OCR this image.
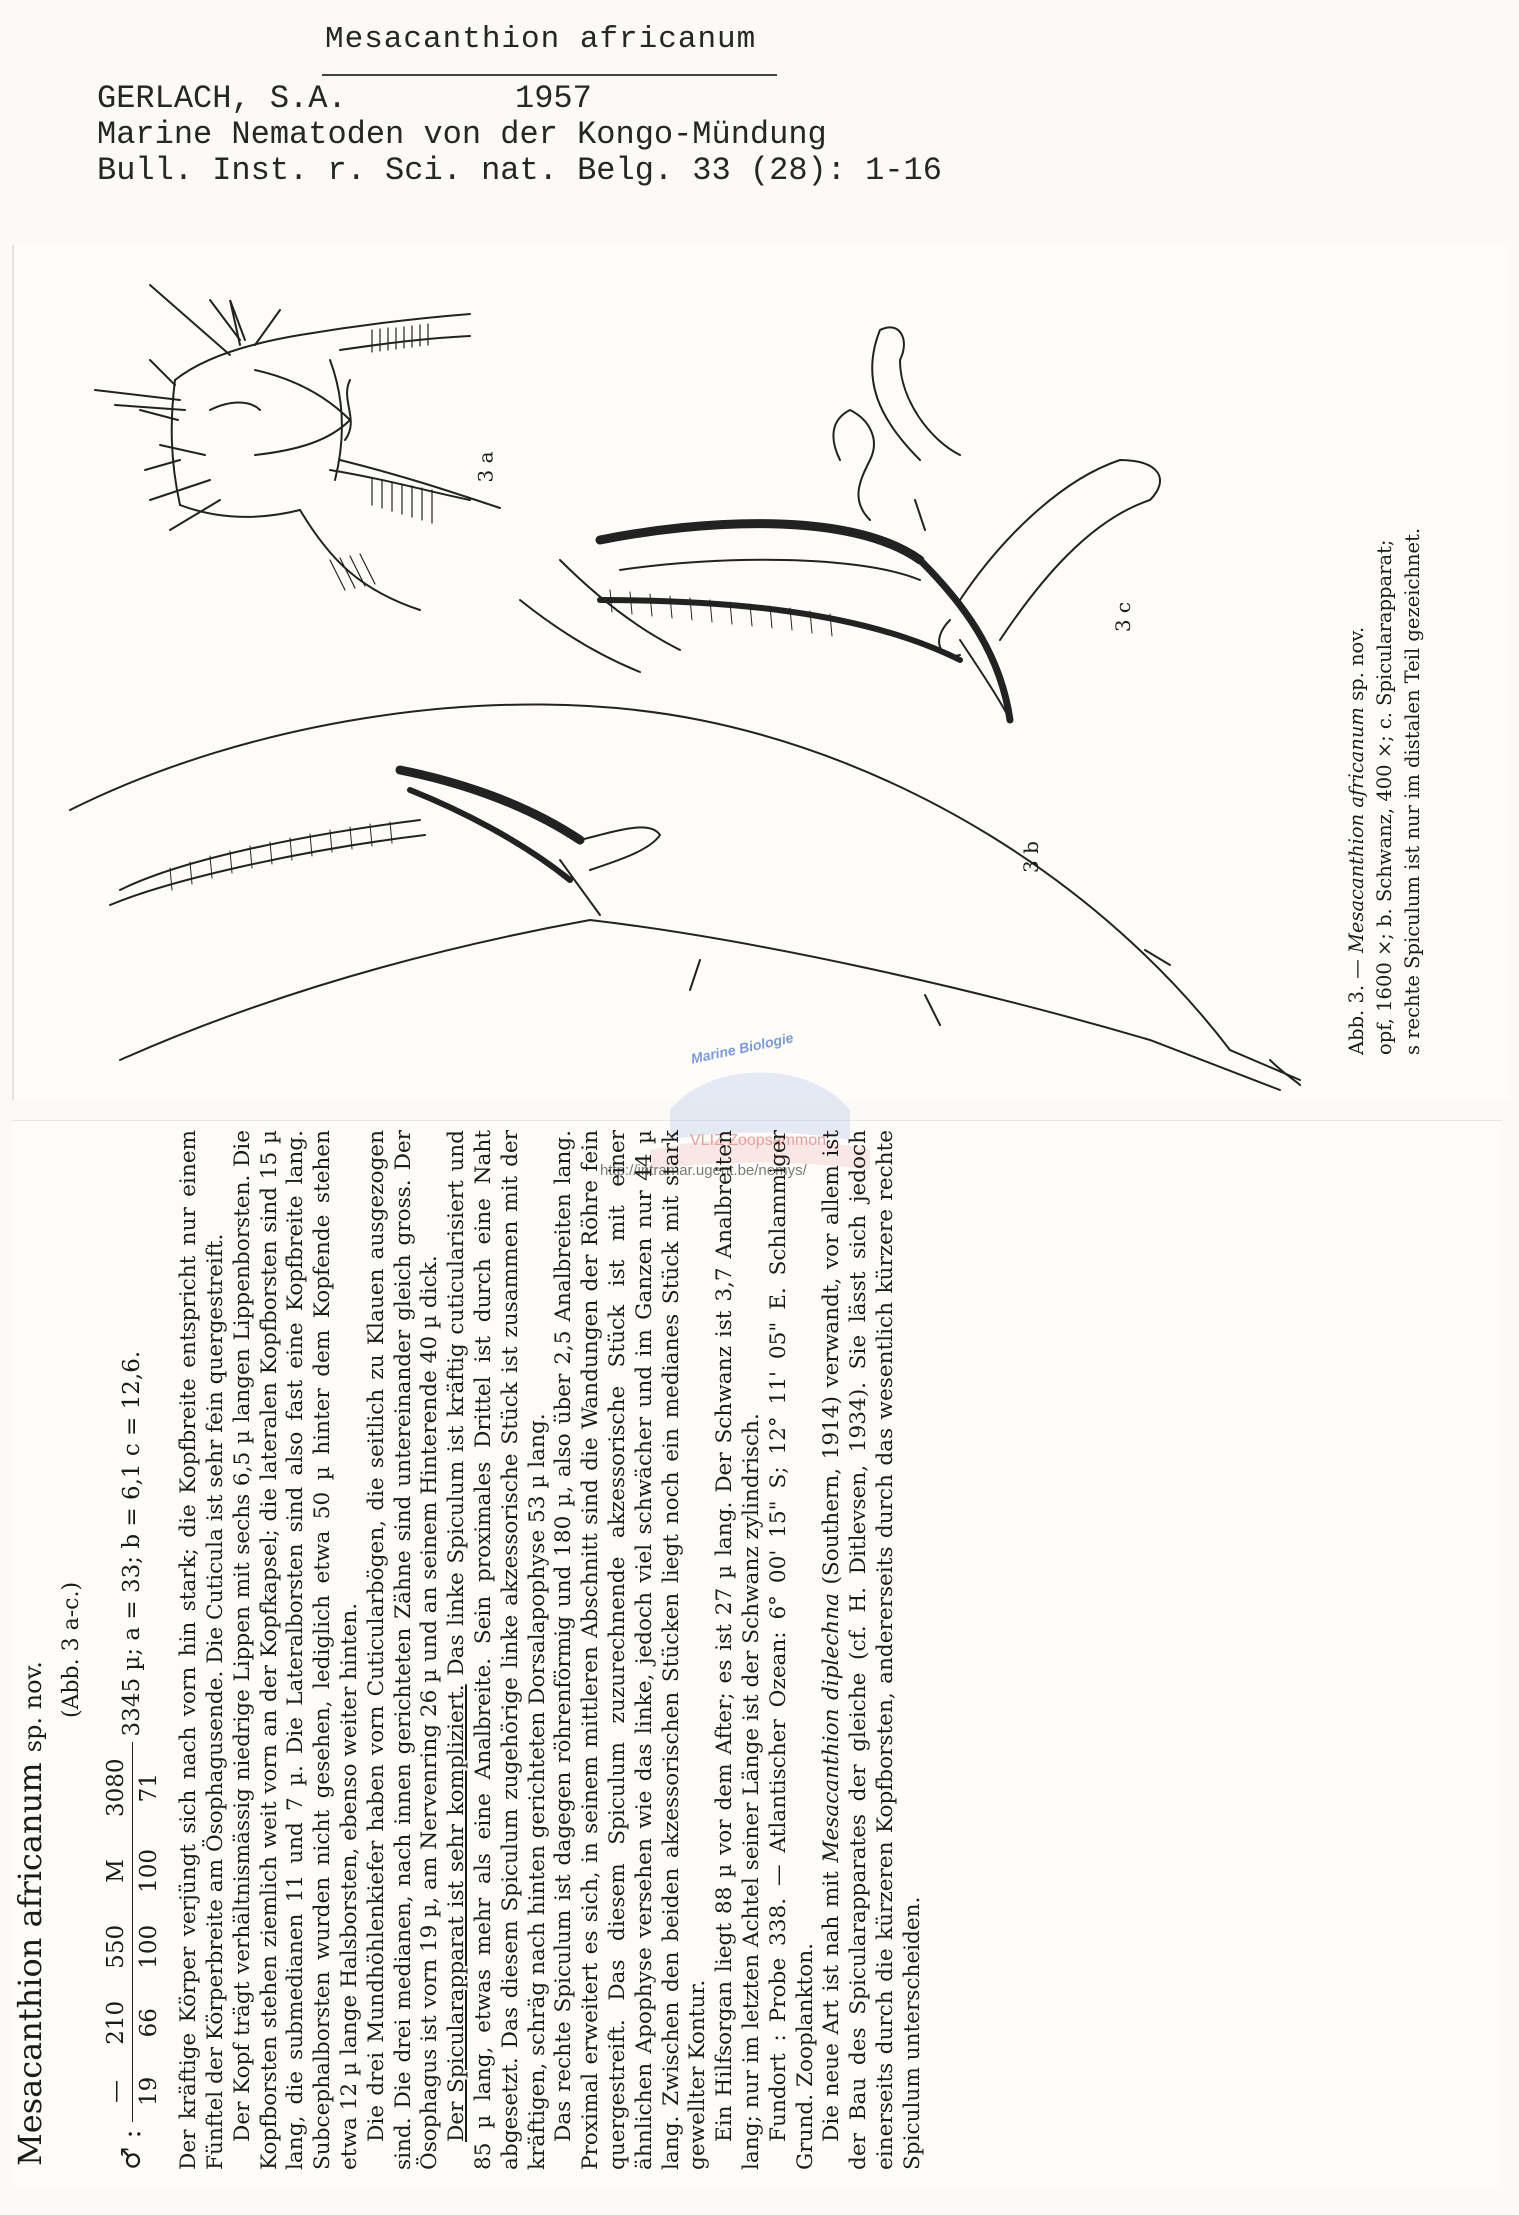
Mesacanthion africanum
GERLACH, S.A.	1957
Marine Nematoden von der Kongo-Mündung
Bull. Inst. r. Sci. nat. Belg. 33 (28): 1-16
3 a
3 b
3 c
Abb. 3. — Mesacanthion africanum sp. nov. opf, 1600 ×; b. Schwanz, 400 ×; c. Spicularapparat; s rechte Spiculum ist nur im distalen Teil gezeichnet.
Marine Biologie
VLIZ Zoopsammon
http://intramar.ugent.be/nemys/
Mesacanthion africanum sp. nov. (Abb. 3 a-c.)
♂ :
—	210	550	M	3080
19	66	100	100	71
3345 µ; a = 33; b = 6,1 c = 12,6. Der kräftige Körper verjüngt sich nach vorn hin stark; die Kopfbreite entspricht nur einem Fünftel der Körperbreite am Ösophagusende. Die Cuticula ist sehr fein quergestreift. Der Kopf trägt verhältnismässig niedrige Lippen mit sechs 6,5 µ langen Lippenborsten. Die Kopfborsten stehen ziemlich weit vorn an der Kopfkapsel; die lateralen Kopfborsten sind 15 µ lang, die submedianen 11 und 7 µ. Die Lateralborsten sind also fast eine Kopfbreite lang. Subcephalborsten wurden nicht gesehen, lediglich etwa 50 µ hinter dem Kopfende stehen etwa 12 µ lange Halsborsten, ebenso weiter hinten. Die drei Mundhöhlenkiefer haben vorn Cuticularbögen, die seitlich zu Klauen ausgezogen sind. Die drei medianen, nach innen gerichteten Zähne sind untereinander gleich gross. Der Ösophagus ist vorn 19 µ, am Nervenring 26 µ und an seinem Hinterende 40 µ dick. Der Spicularapparat ist sehr kompliziert. Das linke Spiculum ist kräftig cuticularisiert und 85 µ lang, etwas mehr als eine Analbreite. Sein proximales Drittel ist durch eine Naht abgesetzt. Das diesem Spiculum zugehörige linke akzessorische Stück ist zusammen mit der kräftigen, schräg nach hinten gerichteten Dorsalapophyse 53 µ lang. Das rechte Spiculum ist dagegen röhrenförmig und 180 µ, also über 2,5 Analbreiten lang. Proximal erweitert es sich, in seinem mittleren Abschnitt sind die Wandungen der Röhre fein quergestreift. Das diesem Spiculum zuzurechnende akzessorische Stück ist mit einer ähnlichen Apophyse versehen wie das linke, jedoch viel schwächer und im Ganzen nur 44 µ lang. Zwischen den beiden akzessorischen Stücken liegt noch ein medianes Stück mit stark gewellter Kontur. Ein Hilfsorgan liegt 88 µ vor dem After; es ist 27 µ lang. Der Schwanz ist 3,7 Analbreiten lang; nur im letzten Achtel seiner Länge ist der Schwanz zylindrisch. Fundort : Probe 338. — Atlantischer Ozean: 6° 00' 15" S; 12° 11' 05" E. Schlammiger Grund. Zooplankton. Die neue Art ist nah mit Mesacanthion diplechna (Southern, 1914) verwandt, vor allem ist der Bau des Spicularapparates der gleiche (cf. H. Ditlevsen, 1934). Sie lässt sich jedoch einerseits durch die kürzeren Kopfborsten, andererseits durch das wesentlich kürzere rechte Spiculum unterscheiden.
